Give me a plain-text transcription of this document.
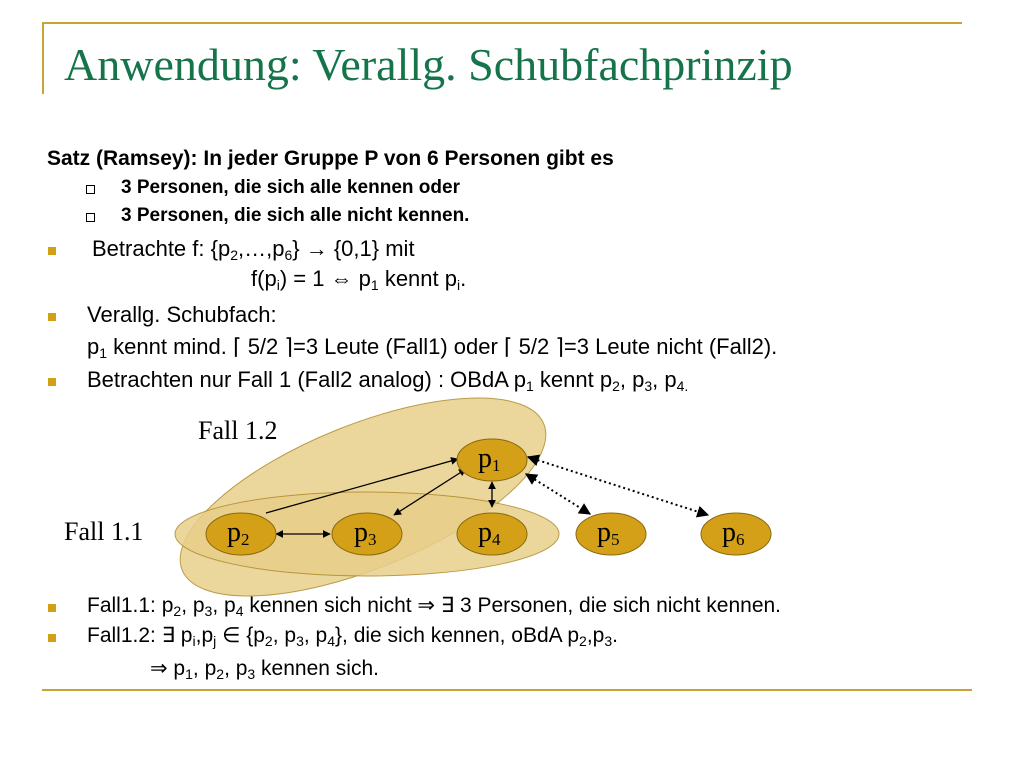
Anwendung: Verallg. Schubfachprinzip
Satz (Ramsey): In jeder Gruppe P von 6 Personen gibt es
3 Personen, die sich alle kennen oder
3 Personen, die sich alle nicht kennen.
Betrachte f: $\{p_2,\dots,p_6\} \to \{0,1\}$ mit
$f(p_i) = 1$ ⇔ $p_1$ kennt $p_i$.
Verallg. Schubfach:
$p_1$ kennt mind. ⌈ 5/2 ⌉=3 Leute (Fall1) oder ⌈ 5/2 ⌉=3 Leute nicht (Fall2).
Betrachten nur Fall 1 (Fall2 analog) : OBdA $p_1$ kennt $p_2$, $p_3$, $p_{4.}$
Fall 1.2
Fall 1.1
$p_1$
$p_2$	$p_3$	$p_4$	$p_5$	$p_6$
Fall1.1: $p_2$, $p_3$, $p_4$ kennen sich nicht ⇒ ∃ 3 Personen, die sich nicht kennen.
Fall1.2: ∃ $p_i,p_j$ ∈ {$p_2$, $p_3$, $p_4$}, die sich kennen, oBdA $p_2,p_3$.
⇒ $p_1$, $p_2$, $p_3$ kennen sich.
